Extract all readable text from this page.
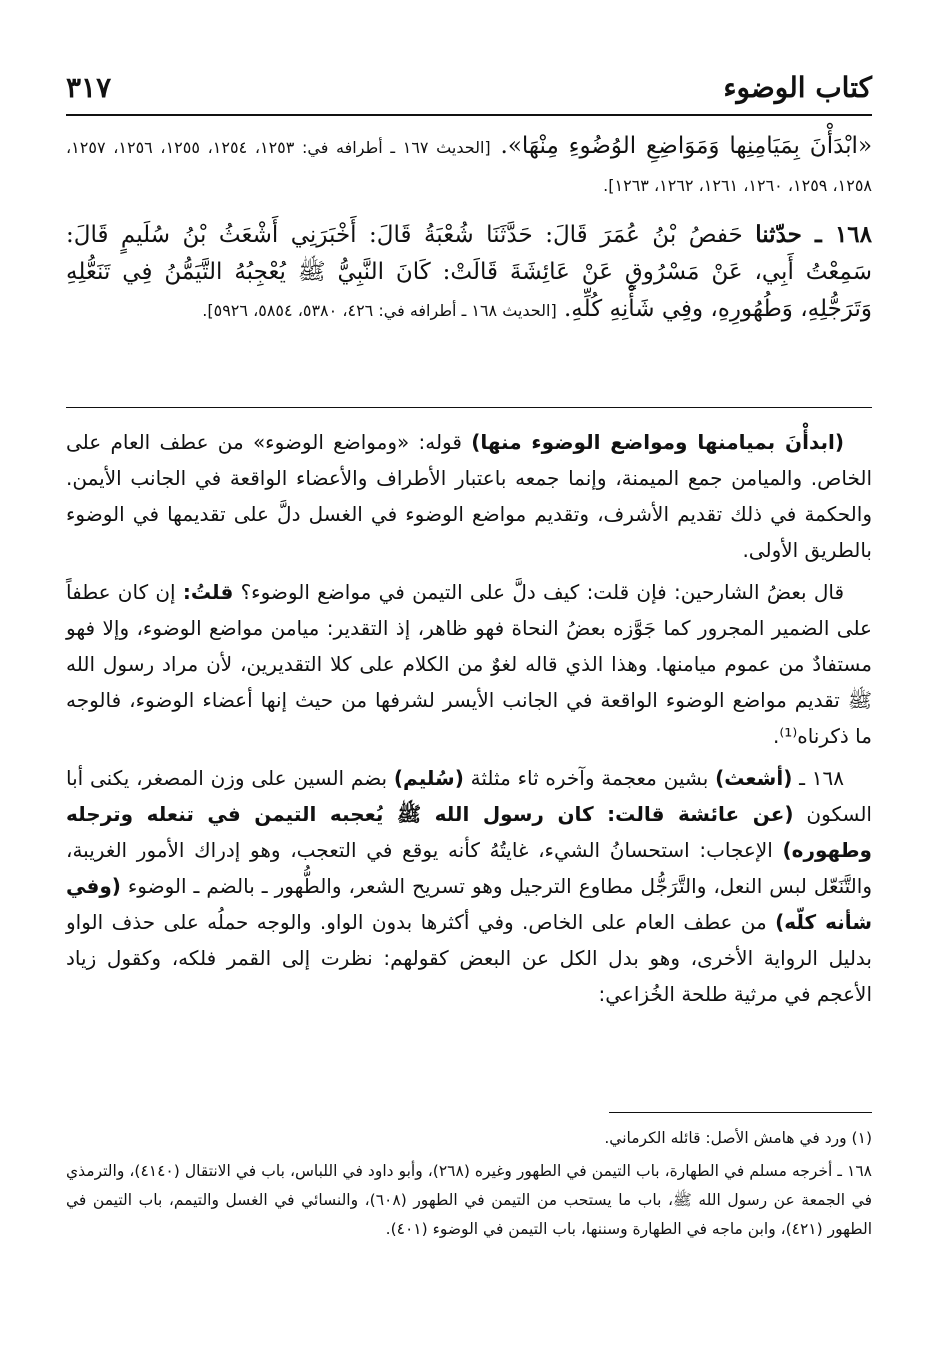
كتاب الوضوء
٣١٧

«ابْدَأْنَ بِمَيَامِنِها وَمَوَاضِعِ الوُضُوءِ مِنْهَا». [الحديث ١٦٧ ـ أطرافه في: ١٢٥٣، ١٢٥٤، ١٢٥٥، ١٢٥٦، ١٢٥٧، ١٢٥٨، ١٢٥٩، ١٢٦٠، ١٢٦١، ١٢٦٢، ١٢٦٣].

١٦٨ ـ حدّثنا حَفصُ بْنُ عُمَرَ قَالَ: حَدَّثَنَا شُعْبَةُ قَالَ: أَخْبَرَنِي أَشْعَثُ بْنُ سُلَيمٍ قَالَ: سَمِعْتُ أَبِي، عَنْ مَسْرُوقٍ عَنْ عَائِشَةَ قَالَتْ: كَانَ النَّبِيُّ ﷺ يُعْجِبُهُ التَّيَمُّنُ فِي تَنَعُّلِهِ وَتَرَجُّلِهِ، وَطُهُورِهِ، وفِي شَأْنِهِ كُلِّهِ. [الحديث ١٦٨ ـ أطرافه في: ٤٢٦، ٥٣٨٠، ٥٨٥٤، ٥٩٢٦].

(ابدأْنَ بميامنها ومواضع الوضوء منها) قوله: «ومواضع الوضوء» من عطف العام على الخاص. والميامن جمع الميمنة، وإنما جمعه باعتبار الأطراف والأعضاء الواقعة في الجانب الأيمن. والحكمة في ذلك تقديم الأشرف، وتقديم مواضع الوضوء في الغسل دلَّ على تقديمها في الوضوء بالطريق الأولى.

قال بعضُ الشارحين: فإن قلت: كيف دلَّ على التيمن في مواضع الوضوء؟ قلتُ: إن كان عطفاً على الضمير المجرور كما جَوَّزه بعضُ النحاة فهو ظاهر، إذ التقدير: ميامن مواضع الوضوء، وإلا فهو مستفادٌ من عموم ميامنها. وهذا الذي قاله لغوٌ من الكلام على كلا التقديرين، لأن مراد رسول الله ﷺ تقديم مواضع الوضوء الواقعة في الجانب الأيسر لشرفها من حيث إنها أعضاء الوضوء، فالوجه ما ذكرناه⁽¹⁾.

١٦٨ ـ (أشعث) بشين معجمة وآخره ثاء مثلثة (سُليم) بضم السين على وزن المصغر، يكنى أبا السكون (عن عائشة قالت: كان رسول الله ﷺ يُعجبه التيمن في تنعله وترجله وطهوره) الإعجاب: استحسانُ الشيء، غايتُهُ كأنه يوقع في التعجب، وهو إدراك الأمور الغريبة، والتَّنَعّل لبس النعل، والتَّرَجُّل مطاوع الترجيل وهو تسريح الشعر، والطُّهور ـ بالضم ـ الوضوء (وفي شأنه كلّه) من عطف العام على الخاص. وفي أكثرها بدون الواو. والوجه حملُه على حذف الواو بدليل الرواية الأخرى، وهو بدل الكل عن البعض كقولهم: نظرت إلى القمر فلكه، وكقول زياد الأعجم في مرثية طلحة الخُزاعي:

(١) ورد في هامش الأصل: قائله الكرماني.

١٦٨ ـ أخرجه مسلم في الطهارة، باب التيمن في الطهور وغيره (٢٦٨)، وأبو داود في اللباس، باب في الانتقال (٤١٤٠)، والترمذي في الجمعة عن رسول الله ﷺ، باب ما يستحب من التيمن في الطهور (٦٠٨)، والنسائي في الغسل والتيمم، باب التيمن في الطهور (٤٢١)، وابن ماجه في الطهارة وسننها، باب التيمن في الوضوء (٤٠١).
